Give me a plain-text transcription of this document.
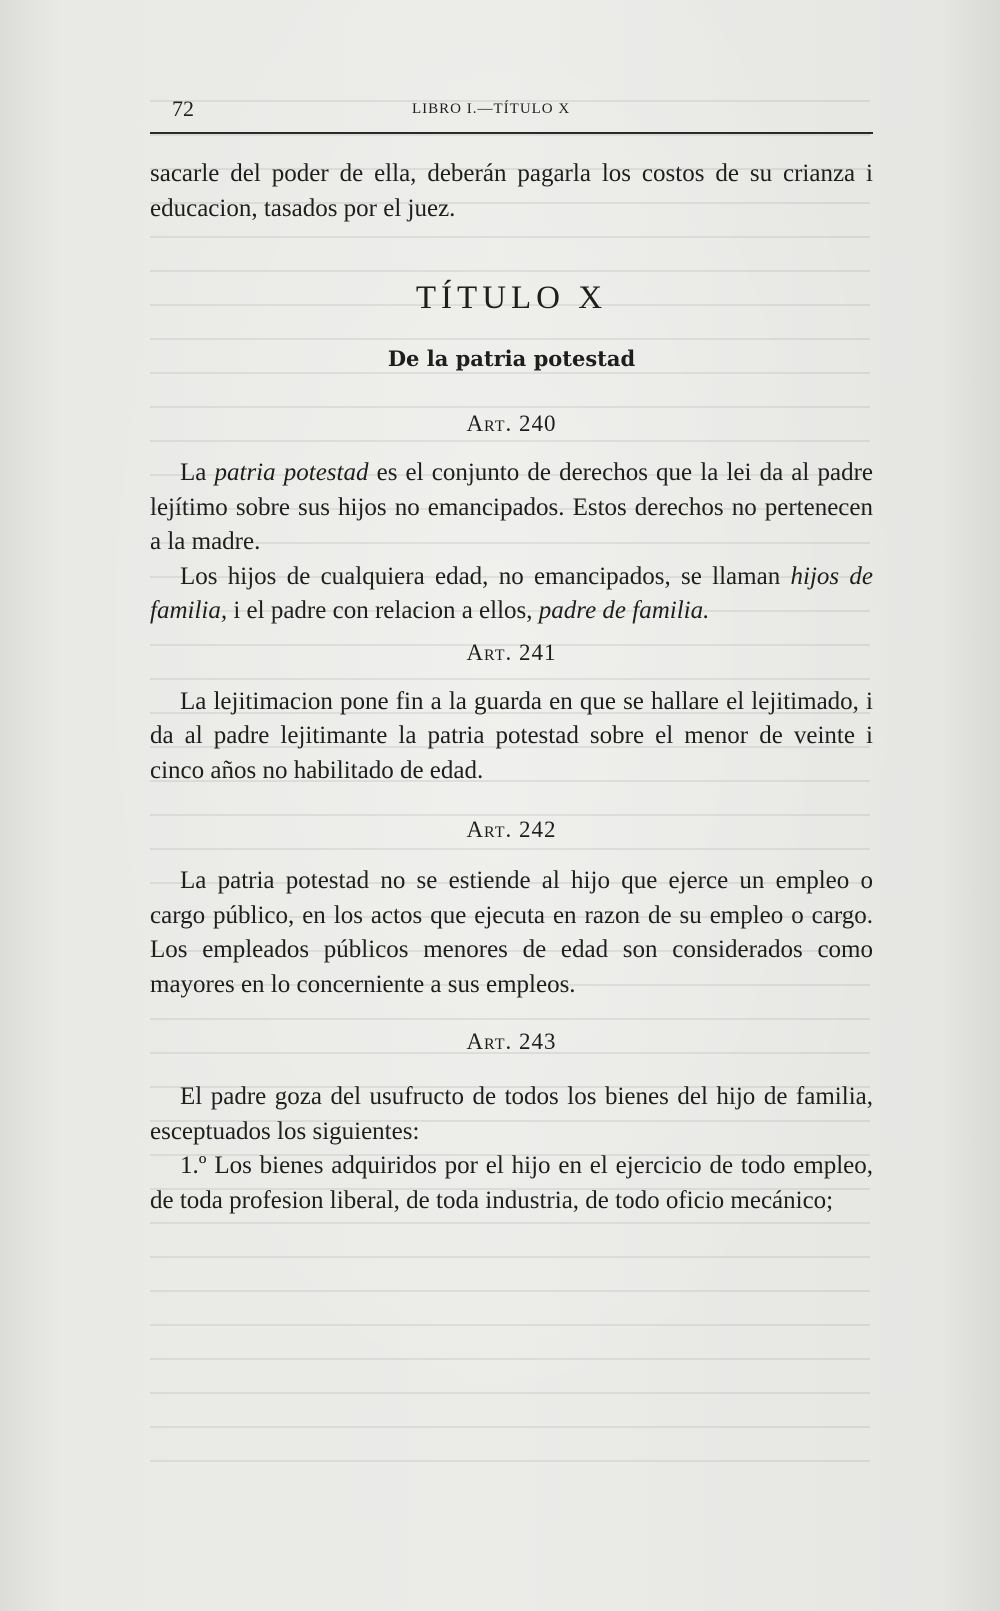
72	LIBRO I.—TÍTULO X

sacarle del poder de ella, deberán pagarla los costos de su crianza i educacion, tasados por el juez.

TÍTULO X
De la patria potestad
Art. 240

La patria potestad es el conjunto de derechos que la lei da al padre lejítimo sobre sus hijos no emancipados. Estos derechos no pertenecen a la madre.

Los hijos de cualquiera edad, no emancipados, se llaman hijos de familia, i el padre con relacion a ellos, padre de familia.

Art. 241

La lejitimacion pone fin a la guarda en que se hallare el lejitimado, i da al padre lejitimante la patria potestad sobre el menor de veinte i cinco años no habilitado de edad.

Art. 242

La patria potestad no se estiende al hijo que ejerce un empleo o cargo público, en los actos que ejecuta en razon de su empleo o cargo. Los empleados públicos menores de edad son considerados como mayores en lo concerniente a sus empleos.

Art. 243

El padre goza del usufructo de todos los bienes del hijo de familia, esceptuados los siguientes:

1.º Los bienes adquiridos por el hijo en el ejercicio de todo empleo, de toda profesion liberal, de toda industria, de todo oficio mecánico;
